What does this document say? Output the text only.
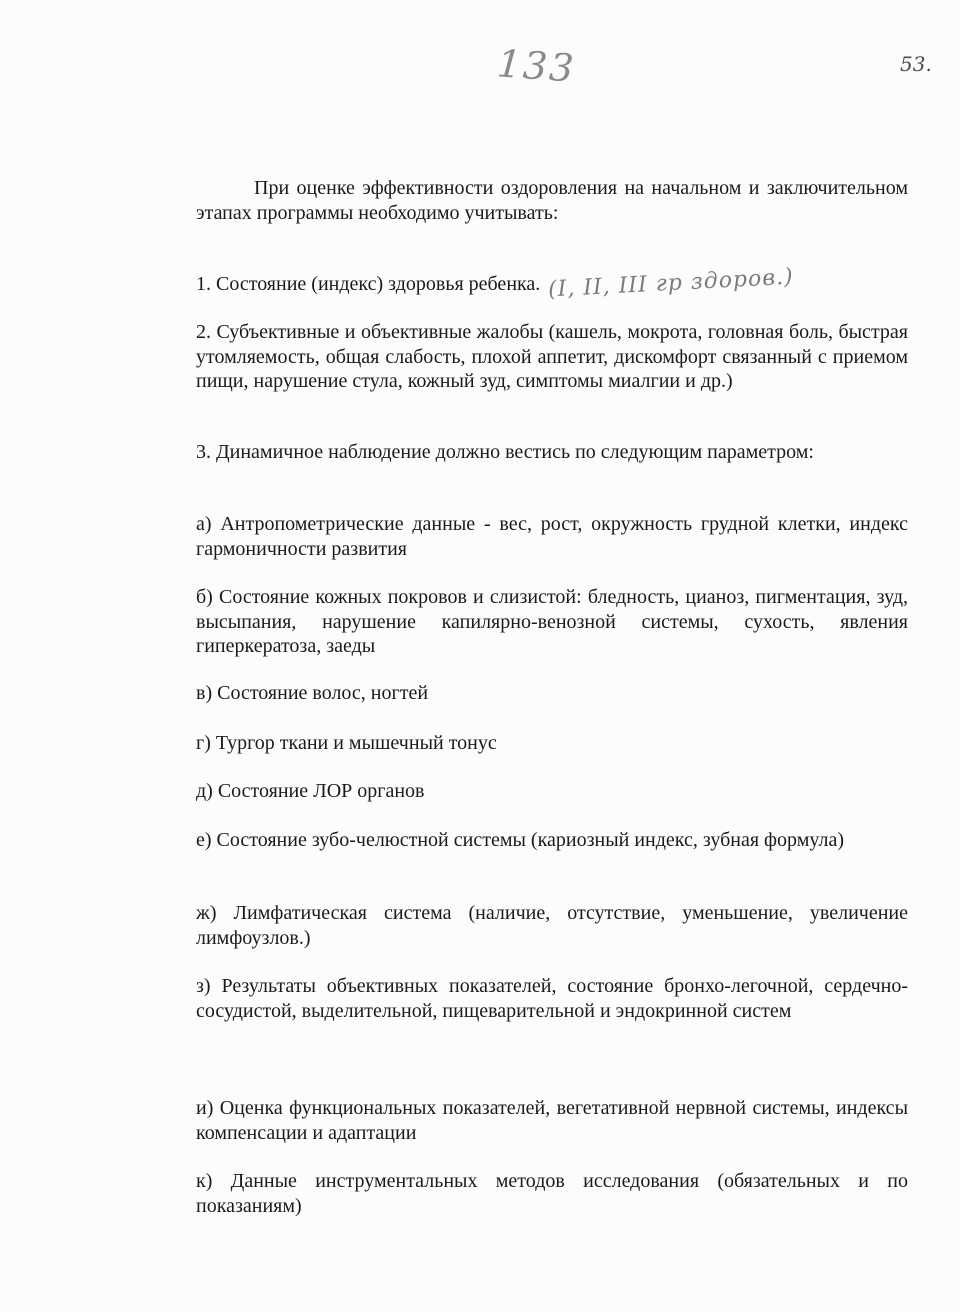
133	53.

При оценке эффективности оздоровления на начальном и заключительном этапах программы необходимо учитывать:

1. Состояние (индекс) здоровья ребенка. (I, II, III гр здоров.)

2. Субъективные и объективные жалобы (кашель, мокрота, головная боль, быстрая утомляемость, общая слабость, плохой аппетит, дискомфорт связанный с приемом пищи, нарушение стула, кожный зуд, симптомы миалгии и др.)

3. Динамичное наблюдение должно вестись по следующим параметром:

а) Антропометрические данные - вес, рост, окружность грудной клетки, индекс гармоничности развития

б) Состояние кожных покровов и слизистой: бледность, цианоз, пигментация, зуд, высыпания, нарушение капилярно-венозной системы, сухость, явления гиперкератоза, заеды

в) Состояние волос, ногтей

г) Тургор ткани и мышечный тонус

д) Состояние ЛОР органов

е) Состояние зубо-челюстной системы (кариозный индекс, зубная формула)

ж) Лимфатическая система (наличие, отсутствие, уменьшение, увеличение лимфоузлов.)

з) Результаты объективных показателей, состояние бронхо-легочной, сердечно-сосудистой, выделительной, пищеварительной и эндокринной систем

и) Оценка функциональных показателей, вегетативной нервной системы, индексы компенсации и адаптации

к) Данные инструментальных методов исследования (обязательных и по показаниям)
